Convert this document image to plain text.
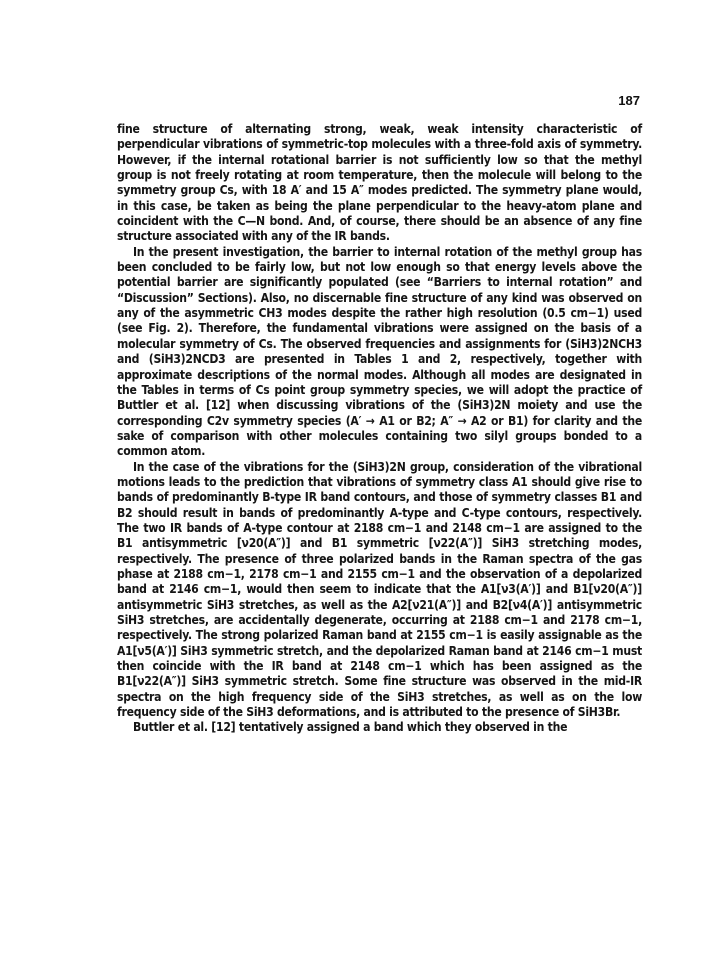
187

fine structure of alternating strong, weak, weak intensity characteristic of perpendicular vibrations of symmetric-top molecules with a three-fold axis of symmetry. However, if the internal rotational barrier is not sufficiently low so that the methyl group is not freely rotating at room temperature, then the molecule will belong to the symmetry group Cs, with 18 A′ and 15 A″ modes predicted. The symmetry plane would, in this case, be taken as being the plane perpendicular to the heavy-atom plane and coincident with the C—N bond. And, of course, there should be an absence of any fine structure associated with any of the IR bands.

In the present investigation, the barrier to internal rotation of the methyl group has been concluded to be fairly low, but not low enough so that energy levels above the potential barrier are significantly populated (see “Barriers to internal rotation” and “Discussion” Sections). Also, no discernable fine structure of any kind was observed on any of the asymmetric CH3 modes despite the rather high resolution (0.5 cm−1) used (see Fig. 2). Therefore, the fundamental vibrations were assigned on the basis of a molecular symmetry of Cs. The observed frequencies and assignments for (SiH3)2NCH3 and (SiH3)2NCD3 are presented in Tables 1 and 2, respectively, together with approximate descriptions of the normal modes. Although all modes are designated in the Tables in terms of Cs point group symmetry species, we will adopt the practice of Buttler et al. [12] when discussing vibrations of the (SiH3)2N moiety and use the corresponding C2v symmetry species (A′ → A1 or B2; A″ → A2 or B1) for clarity and the sake of comparison with other molecules containing two silyl groups bonded to a common atom.

In the case of the vibrations for the (SiH3)2N group, consideration of the vibrational motions leads to the prediction that vibrations of symmetry class A1 should give rise to bands of predominantly B-type IR band contours, and those of symmetry classes B1 and B2 should result in bands of predominantly A-type and C-type contours, respectively. The two IR bands of A-type contour at 2188 cm−1 and 2148 cm−1 are assigned to the B1 antisymmetric [ν20(A″)] and B1 symmetric [ν22(A″)] SiH3 stretching modes, respectively. The presence of three polarized bands in the Raman spectra of the gas phase at 2188 cm−1, 2178 cm−1 and 2155 cm−1 and the observation of a depolarized band at 2146 cm−1, would then seem to indicate that the A1[ν3(A′)] and B1[ν20(A″)] antisymmetric SiH3 stretches, as well as the A2[ν21(A″)] and B2[ν4(A′)] antisymmetric SiH3 stretches, are accidentally degenerate, occurring at 2188 cm−1 and 2178 cm−1, respectively. The strong polarized Raman band at 2155 cm−1 is easily assignable as the A1[ν5(A′)] SiH3 symmetric stretch, and the depolarized Raman band at 2146 cm−1 must then coincide with the IR band at 2148 cm−1 which has been assigned as the B1[ν22(A″)] SiH3 symmetric stretch. Some fine structure was observed in the mid-IR spectra on the high frequency side of the SiH3 stretches, as well as on the low frequency side of the SiH3 deformations, and is attributed to the presence of SiH3Br.

Buttler et al. [12] tentatively assigned a band which they observed in the
